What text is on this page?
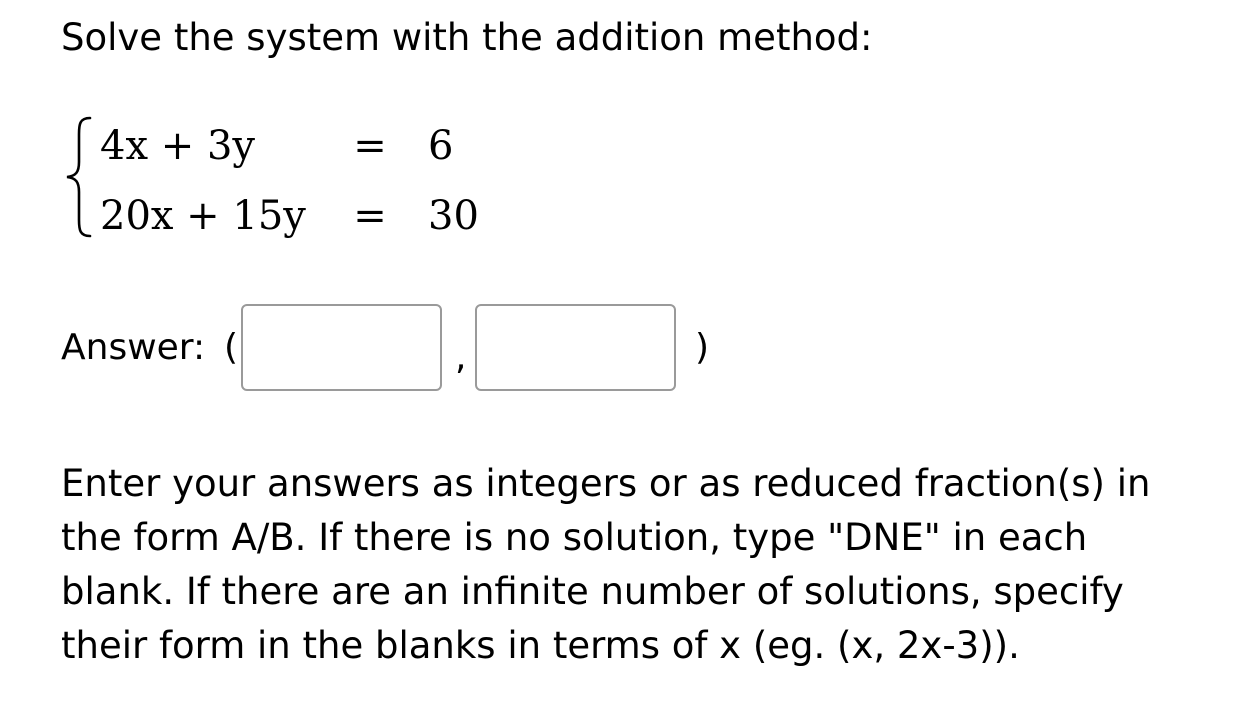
Solve the system with the addition method:
4x + 3y = 6
20x + 15y = 30
Answer: (	,	)
Enter your answers as integers or as reduced fraction(s) in the form A/B. If there is no solution, type "DNE" in each blank. If there are an infinite number of solutions, specify their form in the blanks in terms of x (eg. (x, 2x-3)).
